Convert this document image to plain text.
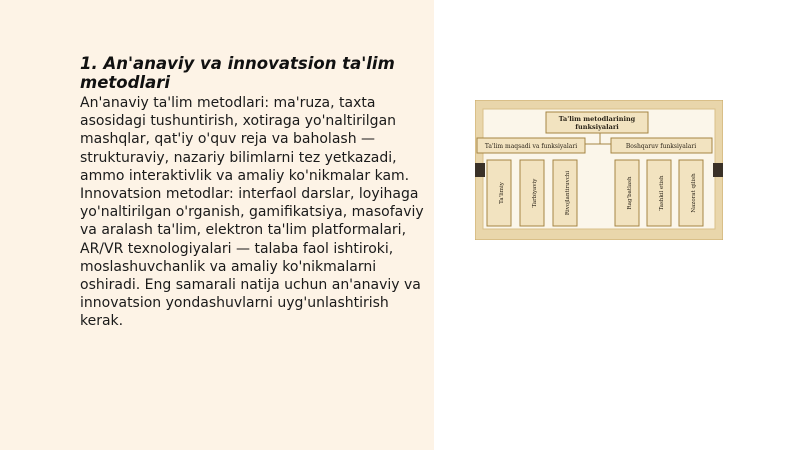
1. An'anaviy va innovatsion ta'lim metodlari

An'anaviy ta'lim metodlari: ma'ruza, taxta asosidagi tushuntirish, xotiraga yo'naltirilgan mashqlar, qat'iy o'quv reja va baholash — strukturaviy, nazariy bilimlarni tez yetkazadi, ammo interaktivlik va amaliy ko'nikmalar kam. Innovatsion metodlar: interfaol darslar, loyihaga yo'naltirilgan o'rganish, gamifikatsiya, masofaviy va aralash ta'lim, elektron ta'lim platformalari, AR/VR texnologiyalari — talaba faol ishtiroki, moslashuvchanlik va amaliy ko'nikmalarni oshiradi. Eng samarali natija uchun an'anaviy va innovatsion yondashuvlarni uyg'unlashtirish kerak.

Ta'lim metodlarining
funksiyalari
Ta'lim maqsadi va funksiyalari	Boshqaruv funksiyalari
Ta'limiy	Tarbiyaviy	Rivojlantiruvchi	Rag'batlash	Tashkil etish	Nazorat qilish
